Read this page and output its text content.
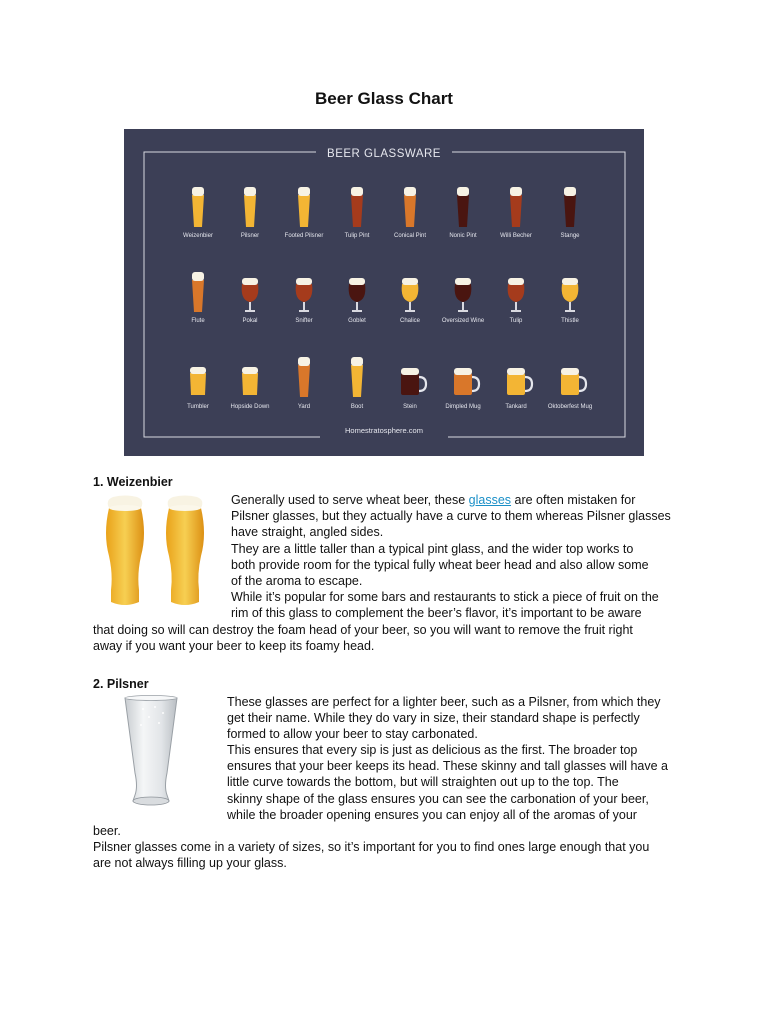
Beer Glass Chart
BEER GLASSWARE
Homestratosphere.com
Weizenbier	Pilsner	Footed Pilsner	Tulip Pint	Conical Pint	Nonic Pint	Willi Becher	Stange
Flute	Pokal	Snifter	Goblet	Chalice	Oversized Wine	Tulip	Thistle
Tumbler	Hopside Down	Yard	Boot	Stein	Dimpled Mug	Tankard	Oktoberfest Mug
1. Weizenbier
Generally used to serve wheat beer, these glasses are often mistaken for
Pilsner glasses, but they actually have a curve to them whereas Pilsner glasses
have straight, angled sides.
They are a little taller than a typical pint glass, and the wider top works to
both provide room for the typical fully wheat beer head and also allow some
of the aroma to escape.
While it’s popular for some bars and restaurants to stick a piece of fruit on the
rim of this glass to complement the beer’s flavor, it’s important to be aware
that doing so will can destroy the foam head of your beer, so you will want to remove the fruit right
away if you want your beer to keep its foamy head.
2. Pilsner
These glasses are perfect for a lighter beer, such as a Pilsner, from which they
get their name. While they do vary in size, their standard shape is perfectly
formed to allow your beer to stay carbonated.
This ensures that every sip is just as delicious as the first. The broader top
ensures that your beer keeps its head. These skinny and tall glasses will have a
little curve towards the bottom, but will straighten out up to the top. The
skinny shape of the glass ensures you can see the carbonation of your beer,
while the broader opening ensures you can enjoy all of the aromas of your
beer.
Pilsner glasses come in a variety of sizes, so it’s important for you to find ones large enough that you
are not always filling up your glass.
